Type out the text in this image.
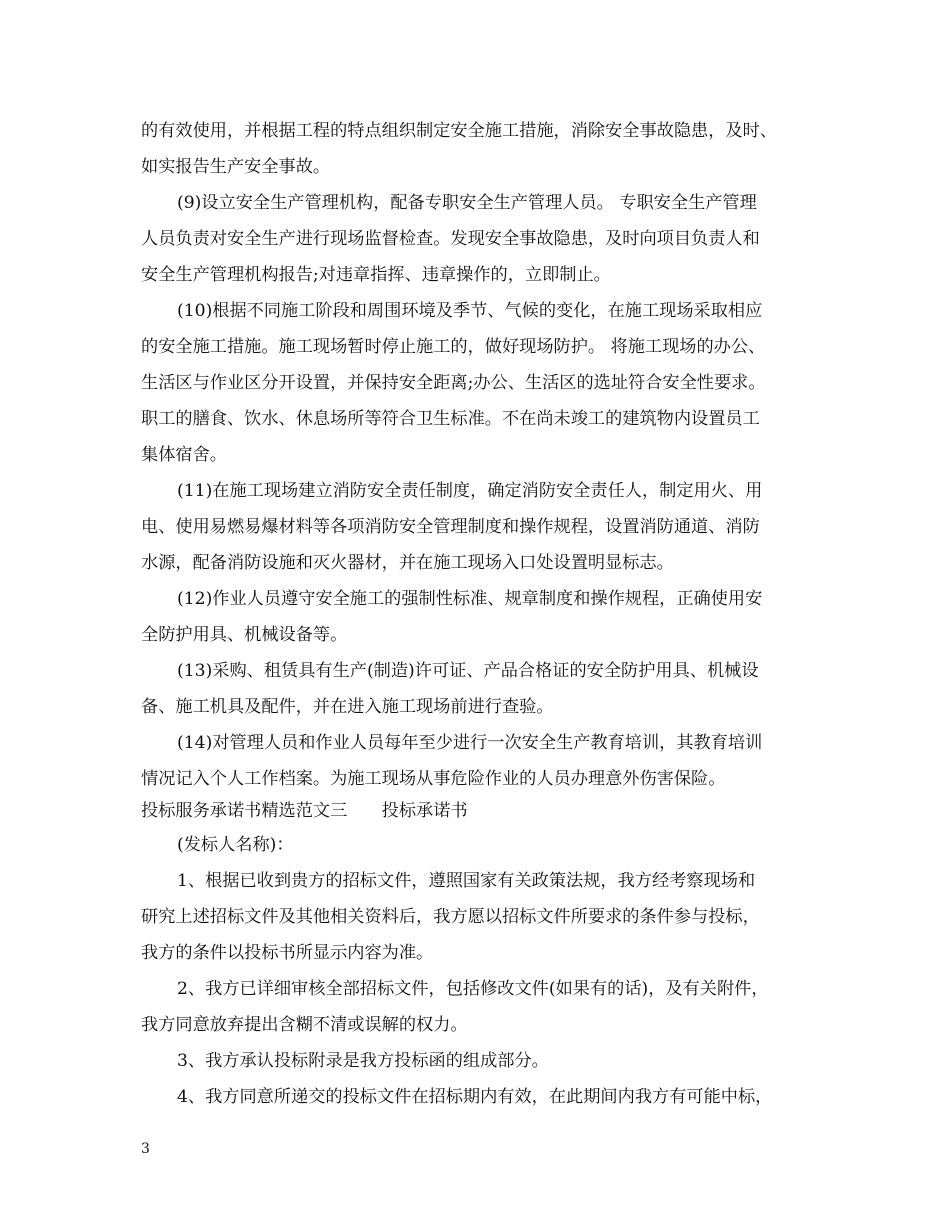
的有效使用，并根据工程的特点组织制定安全施工措施，消除安全事故隐患，及时、

如实报告生产安全事故。

(9)设立安全生产管理机构，配备专职安全生产管理人员。 专职安全生产管理

人员负责对安全生产进行现场监督检查。发现安全事故隐患，及时向项目负责人和

安全生产管理机构报告;对违章指挥、违章操作的，立即制止。

(10)根据不同施工阶段和周围环境及季节、气候的变化，在施工现场采取相应

的安全施工措施。施工现场暂时停止施工的，做好现场防护。 将施工现场的办公、

生活区与作业区分开设置，并保持安全距离;办公、生活区的选址符合安全性要求。

职工的膳食、饮水、休息场所等符合卫生标准。不在尚未竣工的建筑物内设置员工

集体宿舍。

(11)在施工现场建立消防安全责任制度，确定消防安全责任人，制定用火、用

电、使用易燃易爆材料等各项消防安全管理制度和操作规程，设置消防通道、消防

水源，配备消防设施和灭火器材，并在施工现场入口处设置明显标志。

(12)作业人员遵守安全施工的强制性标准、规章制度和操作规程，正确使用安

全防护用具、机械设备等。

(13)采购、租赁具有生产(制造)许可证、产品合格证的安全防护用具、机械设

备、施工机具及配件，并在进入施工现场前进行查验。

(14)对管理人员和作业人员每年至少进行一次安全生产教育培训，其教育培训

情况记入个人工作档案。为施工现场从事危险作业的人员办理意外伤害保险。

投标服务承诺书精选范文三　　投标承诺书

(发标人名称)：

1、根据已收到贵方的招标文件，遵照国家有关政策法规，我方经考察现场和

研究上述招标文件及其他相关资料后，我方愿以招标文件所要求的条件参与投标，

我方的条件以投标书所显示内容为准。

2、我方已详细审核全部招标文件，包括修改文件(如果有的话)，及有关附件，

我方同意放弃提出含糊不清或误解的权力。

3、我方承认投标附录是我方投标函的组成部分。

4、我方同意所递交的投标文件在招标期内有效，在此期间内我方有可能中标，

3
